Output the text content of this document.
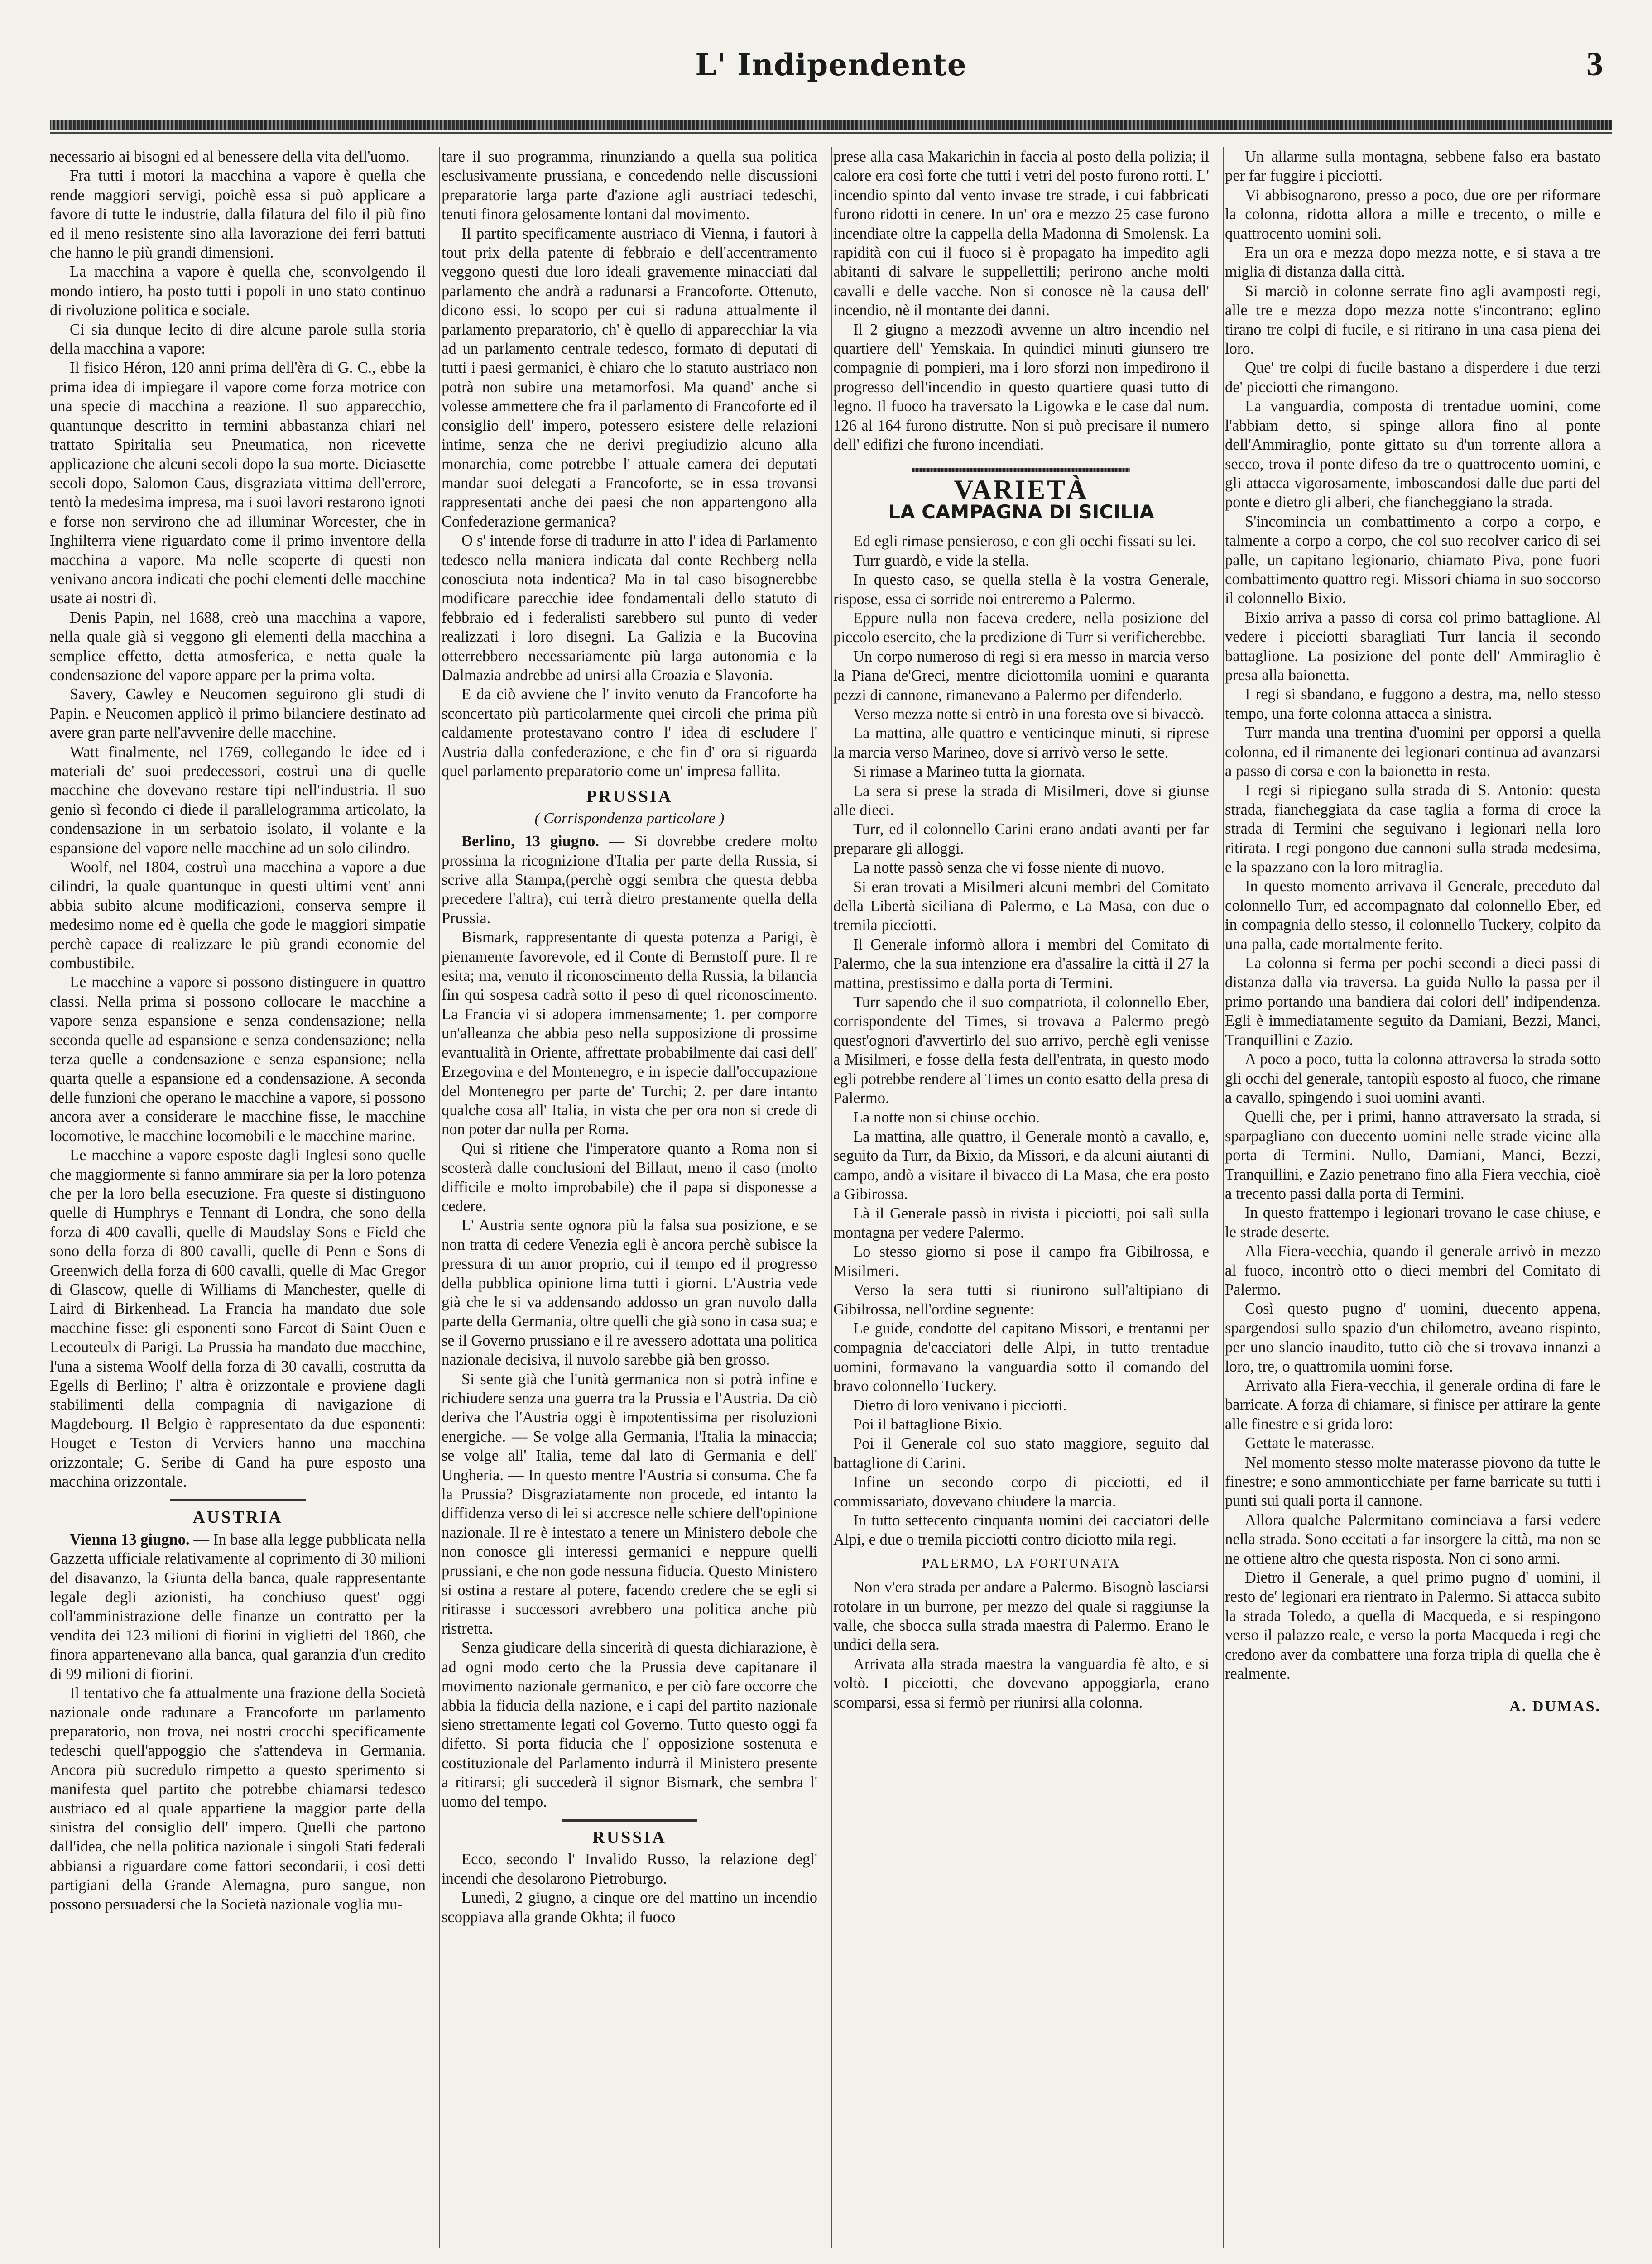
L' Indipendente	3

necessario ai bisogni ed al benessere della vita dell'uomo.

Fra tutti i motori la macchina a vapore è quella che rende maggiori servigi, poichè essa si può applicare a favore di tutte le industrie, dalla filatura del filo il più fino ed il meno resistente sino alla lavorazione dei ferri battuti che hanno le più grandi dimensioni.

La macchina a vapore è quella che, sconvolgendo il mondo intiero, ha posto tutti i popoli in uno stato continuo di rivoluzione politica e sociale.

Ci sia dunque lecito di dire alcune parole sulla storia della macchina a vapore:

Il fisico Héron, 120 anni prima dell'èra di G. C., ebbe la prima idea di impiegare il vapore come forza motrice con una specie di macchina a reazione. Il suo apparecchio, quantunque descritto in termini abbastanza chiari nel trattato Spiritalia seu Pneumatica, non ricevette applicazione che alcuni secoli dopo la sua morte. Diciasette secoli dopo, Salomon Caus, disgraziata vittima dell'errore, tentò la medesima impresa, ma i suoi lavori restarono ignoti e forse non servirono che ad illuminar Worcester, che in Inghilterra viene riguardato come il primo inventore della macchina a vapore. Ma nelle scoperte di questi non venivano ancora indicati che pochi elementi delle macchine usate ai nostri dì.

Denis Papin, nel 1688, creò una macchina a vapore, nella quale già si veggono gli elementi della macchina a semplice effetto, detta atmosferica, e netta quale la condensazione del vapore appare per la prima volta.

Savery, Cawley e Neucomen seguirono gli studi di Papin. e Neucomen applicò il primo bilanciere destinato ad avere gran parte nell'avvenire delle macchine.

Watt finalmente, nel 1769, collegando le idee ed i materiali de' suoi predecessori, costruì una di quelle macchine che dovevano restare tipi nell'industria. Il suo genio sì fecondo ci diede il parallelogramma articolato, la condensazione in un serbatoio isolato, il volante e la espansione del vapore nelle macchine ad un solo cilindro.

Woolf, nel 1804, costruì una macchina a vapore a due cilindri, la quale quantunque in questi ultimi vent' anni abbia subito alcune modificazioni, conserva sempre il medesimo nome ed è quella che gode le maggiori simpatie perchè capace di realizzare le più grandi economie del combustibile.

Le macchine a vapore si possono distinguere in quattro classi. Nella prima si possono collocare le macchine a vapore senza espansione e senza condensazione; nella seconda quelle ad espansione e senza condensazione; nella terza quelle a condensazione e senza espansione; nella quarta quelle a espansione ed a condensazione. A seconda delle funzioni che operano le macchine a vapore, si possono ancora aver a considerare le macchine fisse, le macchine locomotive, le macchine locomobili e le macchine marine.

Le macchine a vapore esposte dagli Inglesi sono quelle che maggiormente si fanno ammirare sia per la loro potenza che per la loro bella esecuzione. Fra queste si distinguono quelle di Humphrys e Tennant di Londra, che sono della forza di 400 cavalli, quelle di Maudslay Sons e Field che sono della forza di 800 cavalli, quelle di Penn e Sons di Greenwich della forza di 600 cavalli, quelle di Mac Gregor di Glascow, quelle di Williams di Manchester, quelle di Laird di Birkenhead. La Francia ha mandato due sole macchine fisse: gli esponenti sono Farcot di Saint Ouen e Lecouteulx di Parigi. La Prussia ha mandato due macchine, l'una a sistema Woolf della forza di 30 cavalli, costrutta da Egells di Berlino; l' altra è orizzontale e proviene dagli stabilimenti della compagnia di navigazione di Magdebourg. Il Belgio è rappresentato da due esponenti: Houget e Teston di Verviers hanno una macchina orizzontale; G. Seribe di Gand ha pure esposto una macchina orizzontale.

AUSTRIA

Vienna 13 giugno. — In base alla legge pubblicata nella Gazzetta ufficiale relativamente al coprimento di 30 milioni del disavanzo, la Giunta della banca, quale rappresentante legale degli azionisti, ha conchiuso quest' oggi coll'amministrazione delle finanze un contratto per la vendita dei 123 milioni di fiorini in viglietti del 1860, che finora appartenevano alla banca, qual garanzia d'un credito di 99 milioni di fiorini.

Il tentativo che fa attualmente una frazione della Società nazionale onde radunare a Francoforte un parlamento preparatorio, non trova, nei nostri crocchi specificamente tedeschi quell'appoggio che s'attendeva in Germania. Ancora più sucredulo rimpetto a questo sperimento si manifesta quel partito che potrebbe chiamarsi tedesco austriaco ed al quale appartiene la maggior parte della sinistra del consiglio dell' impero. Quelli che partono dall'idea, che nella politica nazionale i singoli Stati federali abbiansi a riguardare come fattori secondarii, i così detti partigiani della Grande Alemagna, puro sangue, non possono persuadersi che la Società nazionale voglia mu-

tare il suo programma, rinunziando a quella sua politica esclusivamente prussiana, e concedendo nelle discussioni preparatorie larga parte d'azione agli austriaci tedeschi, tenuti finora gelosamente lontani dal movimento.

Il partito specificamente austriaco di Vienna, i fautori à tout prix della patente di febbraio e dell'accentramento veggono questi due loro ideali gravemente minacciati dal parlamento che andrà a radunarsi a Francoforte. Ottenuto, dicono essi, lo scopo per cui si raduna attualmente il parlamento preparatorio, ch' è quello di apparecchiar la via ad un parlamento centrale tedesco, formato di deputati di tutti i paesi germanici, è chiaro che lo statuto austriaco non potrà non subire una metamorfosi. Ma quand' anche si volesse ammettere che fra il parlamento di Francoforte ed il consiglio dell' impero, potessero esistere delle relazioni intime, senza che ne derivi pregiudizio alcuno alla monarchia, come potrebbe l' attuale camera dei deputati mandar suoi delegati a Francoforte, se in essa trovansi rappresentati anche dei paesi che non appartengono alla Confederazione germanica?

O s' intende forse di tradurre in atto l' idea di Parlamento tedesco nella maniera indicata dal conte Rechberg nella conosciuta nota indentica? Ma in tal caso bisognerebbe modificare parecchie idee fondamentali dello statuto di febbraio ed i federalisti sarebbero sul punto di veder realizzati i loro disegni. La Galizia e la Bucovina otterrebbero necessariamente più larga autonomia e la Dalmazia andrebbe ad unirsi alla Croazia e Slavonia.

E da ciò avviene che l' invito venuto da Francoforte ha sconcertato più particolarmente quei circoli che prima più caldamente protestavano contro l' idea di escludere l' Austria dalla confederazione, e che fin d' ora si riguarda quel parlamento preparatorio come un' impresa fallita.

PRUSSIA
( Corrispondenza particolare )

Berlino, 13 giugno. — Si dovrebbe credere molto prossima la ricognizione d'Italia per parte della Russia, si scrive alla Stampa,(perchè oggi sembra che questa debba precedere l'altra), cui terrà dietro prestamente quella della Prussia.

Bismark, rappresentante di questa potenza a Parigi, è pienamente favorevole, ed il Conte di Bernstoff pure. Il re esita; ma, venuto il riconoscimento della Russia, la bilancia fin qui sospesa cadrà sotto il peso di quel riconoscimento. La Francia vi si adopera immensamente; 1. per comporre un'alleanza che abbia peso nella supposizione di prossime evantualità in Oriente, affrettate probabilmente dai casi dell' Erzegovina e del Montenegro, e in ispecie dall'occupazione del Montenegro per parte de' Turchi; 2. per dare intanto qualche cosa all' Italia, in vista che per ora non si crede di non poter dar nulla per Roma.

Qui si ritiene che l'imperatore quanto a Roma non si scosterà dalle conclusioni del Billaut, meno il caso (molto difficile e molto improbabile) che il papa si disponesse a cedere.

L' Austria sente ognora più la falsa sua posizione, e se non tratta di cedere Venezia egli è ancora perchè subisce la pressura di un amor proprio, cui il tempo ed il progresso della pubblica opinione lima tutti i giorni. L'Austria vede già che le si va addensando addosso un gran nuvolo dalla parte della Germania, oltre quelli che già sono in casa sua; e se il Governo prussiano e il re avessero adottata una politica nazionale decisiva, il nuvolo sarebbe già ben grosso.

Si sente già che l'unità germanica non si potrà infine e richiudere senza una guerra tra la Prussia e l'Austria. Da ciò deriva che l'Austria oggi è impotentissima per risoluzioni energiche. — Se volge alla Germania, l'Italia la minaccia; se volge all' Italia, teme dal lato di Germania e dell' Ungheria. — In questo mentre l'Austria si consuma. Che fa la Prussia? Disgraziatamente non procede, ed intanto la diffidenza verso di lei si accresce nelle schiere dell'opinione nazionale. Il re è intestato a tenere un Ministero debole che non conosce gli interessi germanici e neppure quelli prussiani, e che non gode nessuna fiducia. Questo Ministero si ostina a restare al potere, facendo credere che se egli si ritirasse i successori avrebbero una politica anche più ristretta.

Senza giudicare della sincerità di questa dichiarazione, è ad ogni modo certo che la Prussia deve capitanare il movimento nazionale germanico, e per ciò fare occorre che abbia la fiducia della nazione, e i capi del partito nazionale sieno strettamente legati col Governo. Tutto questo oggi fa difetto. Si porta fiducia che l' opposizione sostenuta e costituzionale del Parlamento indurrà il Ministero presente a ritirarsi; gli succederà il signor Bismark, che sembra l' uomo del tempo.

RUSSIA

Ecco, secondo l' Invalido Russo, la relazione degl' incendi che desolarono Pietroburgo.

Lunedì, 2 giugno, a cinque ore del mattino un incendio scoppiava alla grande Okhta; il fuoco

prese alla casa Makarichin in faccia al posto della polizia; il calore era così forte che tutti i vetri del posto furono rotti. L' incendio spinto dal vento invase tre strade, i cui fabbricati furono ridotti in cenere. In un' ora e mezzo 25 case furono incendiate oltre la cappella della Madonna di Smolensk. La rapidità con cui il fuoco si è propagato ha impedito agli abitanti di salvare le suppellettili; perirono anche molti cavalli e delle vacche. Non si conosce nè la causa dell' incendio, nè il montante dei danni.

Il 2 giugno a mezzodì avvenne un altro incendio nel quartiere dell' Yemskaia. In quindici minuti giunsero tre compagnie di pompieri, ma i loro sforzi non impedirono il progresso dell'incendio in questo quartiere quasi tutto di legno. Il fuoco ha traversato la Ligowka e le case dal num. 126 al 164 furono distrutte. Non si può precisare il numero dell' edifizi che furono incendiati.

VARIETÀ
LA CAMPAGNA DI SICILIA

Ed egli rimase pensieroso, e con gli occhi fissati su lei.

Turr guardò, e vide la stella.

In questo caso, se quella stella è la vostra Generale, rispose, essa ci sorride noi entreremo a Palermo.

Eppure nulla non faceva credere, nella posizione del piccolo esercito, che la predizione di Turr si verificherebbe.

Un corpo numeroso di regi si era messo in marcia verso la Piana de'Greci, mentre diciottomila uomini e quaranta pezzi di cannone, rimanevano a Palermo per difenderlo.

Verso mezza notte si entrò in una foresta ove si bivaccò.

La mattina, alle quattro e venticinque minuti, si riprese la marcia verso Marineo, dove si arrivò verso le sette.

Si rimase a Marineo tutta la giornata.

La sera si prese la strada di Misilmeri, dove si giunse alle dieci.

Turr, ed il colonnello Carini erano andati avanti per far preparare gli alloggi.

La notte passò senza che vi fosse niente di nuovo.

Si eran trovati a Misilmeri alcuni membri del Comitato della Libertà siciliana di Palermo, e La Masa, con due o tremila picciotti.

Il Generale informò allora i membri del Comitato di Palermo, che la sua intenzione era d'assalire la città il 27 la mattina, prestissimo e dalla porta di Termini.

Turr sapendo che il suo compatriota, il colonnello Eber, corrispondente del Times, si trovava a Palermo pregò quest'ognori d'avvertirlo del suo arrivo, perchè egli venisse a Misilmeri, e fosse della festa dell'entrata, in questo modo egli potrebbe rendere al Times un conto esatto della presa di Palermo.

La notte non si chiuse occhio.

La mattina, alle quattro, il Generale montò a cavallo, e, seguito da Turr, da Bixio, da Missori, e da alcuni aiutanti di campo, andò a visitare il bivacco di La Masa, che era posto a Gibirossa.

Là il Generale passò in rivista i picciotti, poi salì sulla montagna per vedere Palermo.

Lo stesso giorno si pose il campo fra Gibilrossa, e Misilmeri.

Verso la sera tutti si riunirono sull'altipiano di Gibilrossa, nell'ordine seguente:

Le guide, condotte del capitano Missori, e trentanni per compagnia de'cacciatori delle Alpi, in tutto trentadue uomini, formavano la vanguardia sotto il comando del bravo colonnello Tuckery.

Dietro di loro venivano i picciotti.

Poi il battaglione Bixio.

Poi il Generale col suo stato maggiore, seguito dal battaglione di Carini.

Infine un secondo corpo di picciotti, ed il commissariato, dovevano chiudere la marcia.

In tutto settecento cinquanta uomini dei cacciatori delle Alpi, e due o tremila picciotti contro diciotto mila regi.

PALERMO, LA FORTUNATA

Non v'era strada per andare a Palermo. Bisognò lasciarsi rotolare in un burrone, per mezzo del quale si raggiunse la valle, che sbocca sulla strada maestra di Palermo. Erano le undici della sera.

Arrivata alla strada maestra la vanguardia fè alto, e si voltò. I picciotti, che dovevano appoggiarla, erano scomparsi, essa si fermò per riunirsi alla colonna.

Un allarme sulla montagna, sebbene falso era bastato per far fuggire i picciotti.

Vi abbisognarono, presso a poco, due ore per riformare la colonna, ridotta allora a mille e trecento, o mille e quattrocento uomini soli.

Era un ora e mezza dopo mezza notte, e si stava a tre miglia di distanza dalla città.

Si marciò in colonne serrate fino agli avamposti regi, alle tre e mezza dopo mezza notte s'incontrano; eglino tirano tre colpi di fucile, e si ritirano in una casa piena dei loro.

Que' tre colpi di fucile bastano a disperdere i due terzi de' picciotti che rimangono.

La vanguardia, composta di trentadue uomini, come l'abbiam detto, si spinge allora fino al ponte dell'Ammiraglio, ponte gittato su d'un torrente allora a secco, trova il ponte difeso da tre o quattrocento uomini, e gli attacca vigorosamente, imboscandosi dalle due parti del ponte e dietro gli alberi, che fiancheggiano la strada.

S'incomincia un combattimento a corpo a corpo, e talmente a corpo a corpo, che col suo recolver carico di sei palle, un capitano legionario, chiamato Piva, pone fuori combattimento quattro regi. Missori chiama in suo soccorso il colonnello Bixio.

Bixio arriva a passo di corsa col primo battaglione. Al vedere i picciotti sbaragliati Turr lancia il secondo battaglione. La posizione del ponte dell' Ammiraglio è presa alla baionetta.

I regi si sbandano, e fuggono a destra, ma, nello stesso tempo, una forte colonna attacca a sinistra.

Turr manda una trentina d'uomini per opporsi a quella colonna, ed il rimanente dei legionari continua ad avanzarsi a passo di corsa e con la baionetta in resta.

I regi si ripiegano sulla strada di S. Antonio: questa strada, fiancheggiata da case taglia a forma di croce la strada di Termini che seguivano i legionari nella loro ritirata. I regi pongono due cannoni sulla strada medesima, e la spazzano con la loro mitraglia.

In questo momento arrivava il Generale, preceduto dal colonnello Turr, ed accompagnato dal colonnello Eber, ed in compagnia dello stesso, il colonnello Tuckery, colpito da una palla, cade mortalmente ferito.

La colonna si ferma per pochi secondi a dieci passi di distanza dalla via traversa. La guida Nullo la passa per il primo portando una bandiera dai colori dell' indipendenza. Egli è immediatamente seguito da Damiani, Bezzi, Manci, Tranquillini e Zazio.

A poco a poco, tutta la colonna attraversa la strada sotto gli occhi del generale, tantopiù esposto al fuoco, che rimane a cavallo, spingendo i suoi uomini avanti.

Quelli che, per i primi, hanno attraversato la strada, si sparpagliano con duecento uomini nelle strade vicine alla porta di Termini. Nullo, Damiani, Manci, Bezzi, Tranquillini, e Zazio penetrano fino alla Fiera vecchia, cioè a trecento passi dalla porta di Termini.

In questo frattempo i legionari trovano le case chiuse, e le strade deserte.

Alla Fiera-vecchia, quando il generale arrivò in mezzo al fuoco, incontrò otto o dieci membri del Comitato di Palermo.

Così questo pugno d' uomini, duecento appena, spargendosi sullo spazio d'un chilometro, aveano rispinto, per uno slancio inaudito, tutto ciò che si trovava innanzi a loro, tre, o quattromila uomini forse.

Arrivato alla Fiera-vecchia, il generale ordina di fare le barricate. A forza di chiamare, si finisce per attirare la gente alle finestre e si grida loro:

Gettate le materasse.

Nel momento stesso molte materasse piovono da tutte le finestre; e sono ammonticchiate per farne barricate su tutti i punti sui quali porta il cannone.

Allora qualche Palermitano cominciava a farsi vedere nella strada. Sono eccitati a far insorgere la città, ma non se ne ottiene altro che questa risposta. Non ci sono armi.

Dietro il Generale, a quel primo pugno d' uomini, il resto de' legionari era rientrato in Palermo. Si attacca subito la strada Toledo, a quella di Macqueda, e si respingono verso il palazzo reale, e verso la porta Macqueda i regi che credono aver da combattere una forza tripla di quella che è realmente.

A. DUMAS.
